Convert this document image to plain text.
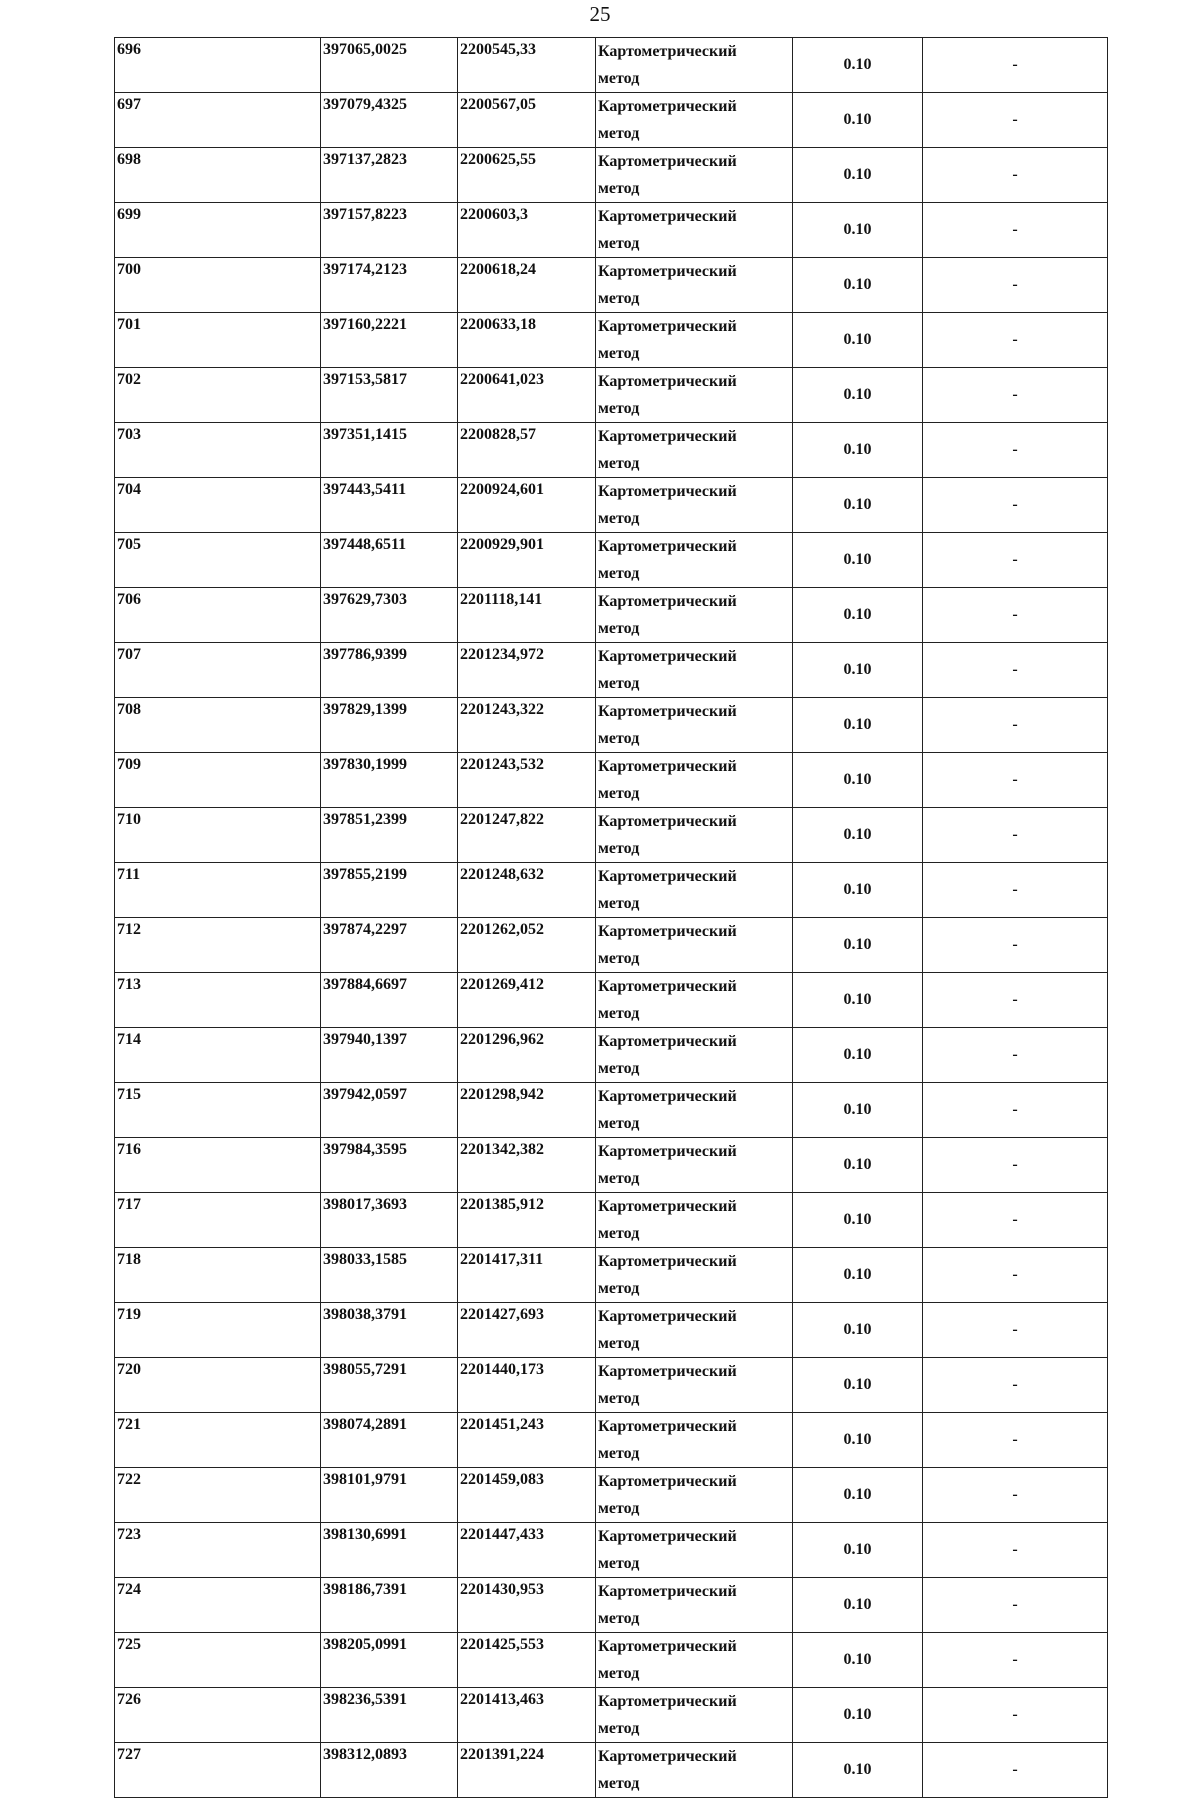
25
696	397065,0025	2200545,33	Картометрический
метод	0.10	-
697	397079,4325	2200567,05	Картометрический
метод	0.10	-
698	397137,2823	2200625,55	Картометрический
метод	0.10	-
699	397157,8223	2200603,3	Картометрический
метод	0.10	-
700	397174,2123	2200618,24	Картометрический
метод	0.10	-
701	397160,2221	2200633,18	Картометрический
метод	0.10	-
702	397153,5817	2200641,023	Картометрический
метод	0.10	-
703	397351,1415	2200828,57	Картометрический
метод	0.10	-
704	397443,5411	2200924,601	Картометрический
метод	0.10	-
705	397448,6511	2200929,901	Картометрический
метод	0.10	-
706	397629,7303	2201118,141	Картометрический
метод	0.10	-
707	397786,9399	2201234,972	Картометрический
метод	0.10	-
708	397829,1399	2201243,322	Картометрический
метод	0.10	-
709	397830,1999	2201243,532	Картометрический
метод	0.10	-
710	397851,2399	2201247,822	Картометрический
метод	0.10	-
711	397855,2199	2201248,632	Картометрический
метод	0.10	-
712	397874,2297	2201262,052	Картометрический
метод	0.10	-
713	397884,6697	2201269,412	Картометрический
метод	0.10	-
714	397940,1397	2201296,962	Картометрический
метод	0.10	-
715	397942,0597	2201298,942	Картометрический
метод	0.10	-
716	397984,3595	2201342,382	Картометрический
метод	0.10	-
717	398017,3693	2201385,912	Картометрический
метод	0.10	-
718	398033,1585	2201417,311	Картометрический
метод	0.10	-
719	398038,3791	2201427,693	Картометрический
метод	0.10	-
720	398055,7291	2201440,173	Картометрический
метод	0.10	-
721	398074,2891	2201451,243	Картометрический
метод	0.10	-
722	398101,9791	2201459,083	Картометрический
метод	0.10	-
723	398130,6991	2201447,433	Картометрический
метод	0.10	-
724	398186,7391	2201430,953	Картометрический
метод	0.10	-
725	398205,0991	2201425,553	Картометрический
метод	0.10	-
726	398236,5391	2201413,463	Картометрический
метод	0.10	-
727	398312,0893	2201391,224	Картометрический
метод	0.10	-
